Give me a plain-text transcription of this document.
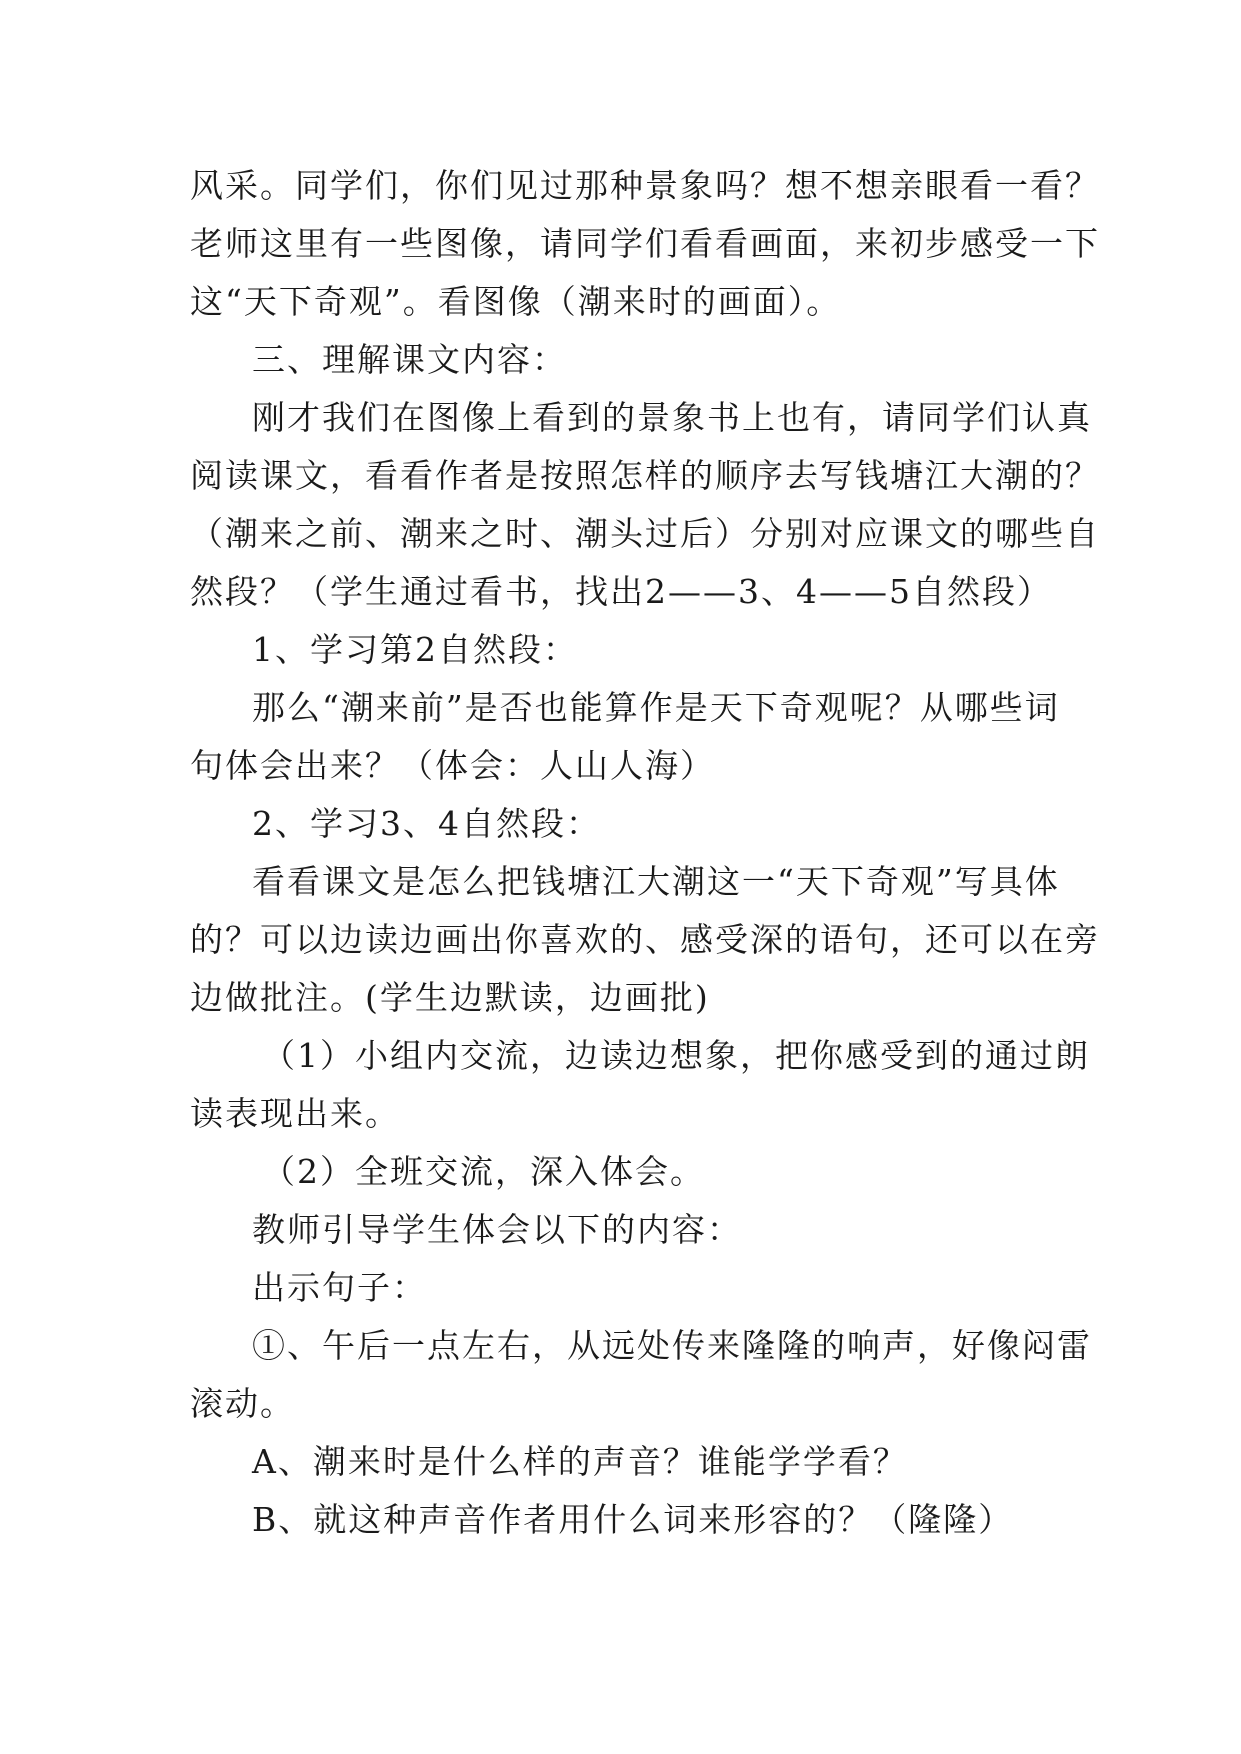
风采。同学们，你们见过那种景象吗？想不想亲眼看一看？
老师这里有一些图像，请同学们看看画面，来初步感受一下
这“天下奇观”。看图像（潮来时的画面）。
三、理解课文内容：
刚才我们在图像上看到的景象书上也有，请同学们认真
阅读课文，看看作者是按照怎样的顺序去写钱塘江大潮的？
（潮来之前、潮来之时、潮头过后）分别对应课文的哪些自
然段？（学生通过看书，找出2——3、4——5自然段）
1、学习第2自然段：
那么“潮来前”是否也能算作是天下奇观呢？从哪些词
句体会出来？（体会：人山人海）
2、学习3、4自然段：
看看课文是怎么把钱塘江大潮这一“天下奇观”写具体
的？可以边读边画出你喜欢的、感受深的语句，还可以在旁
边做批注。(学生边默读，边画批)
（1）小组内交流，边读边想象，把你感受到的通过朗
读表现出来。
（2）全班交流，深入体会。
教师引导学生体会以下的内容：
出示句子：
①、午后一点左右，从远处传来隆隆的响声，好像闷雷
滚动。
A、潮来时是什么样的声音？谁能学学看？
B、就这种声音作者用什么词来形容的？（隆隆）
